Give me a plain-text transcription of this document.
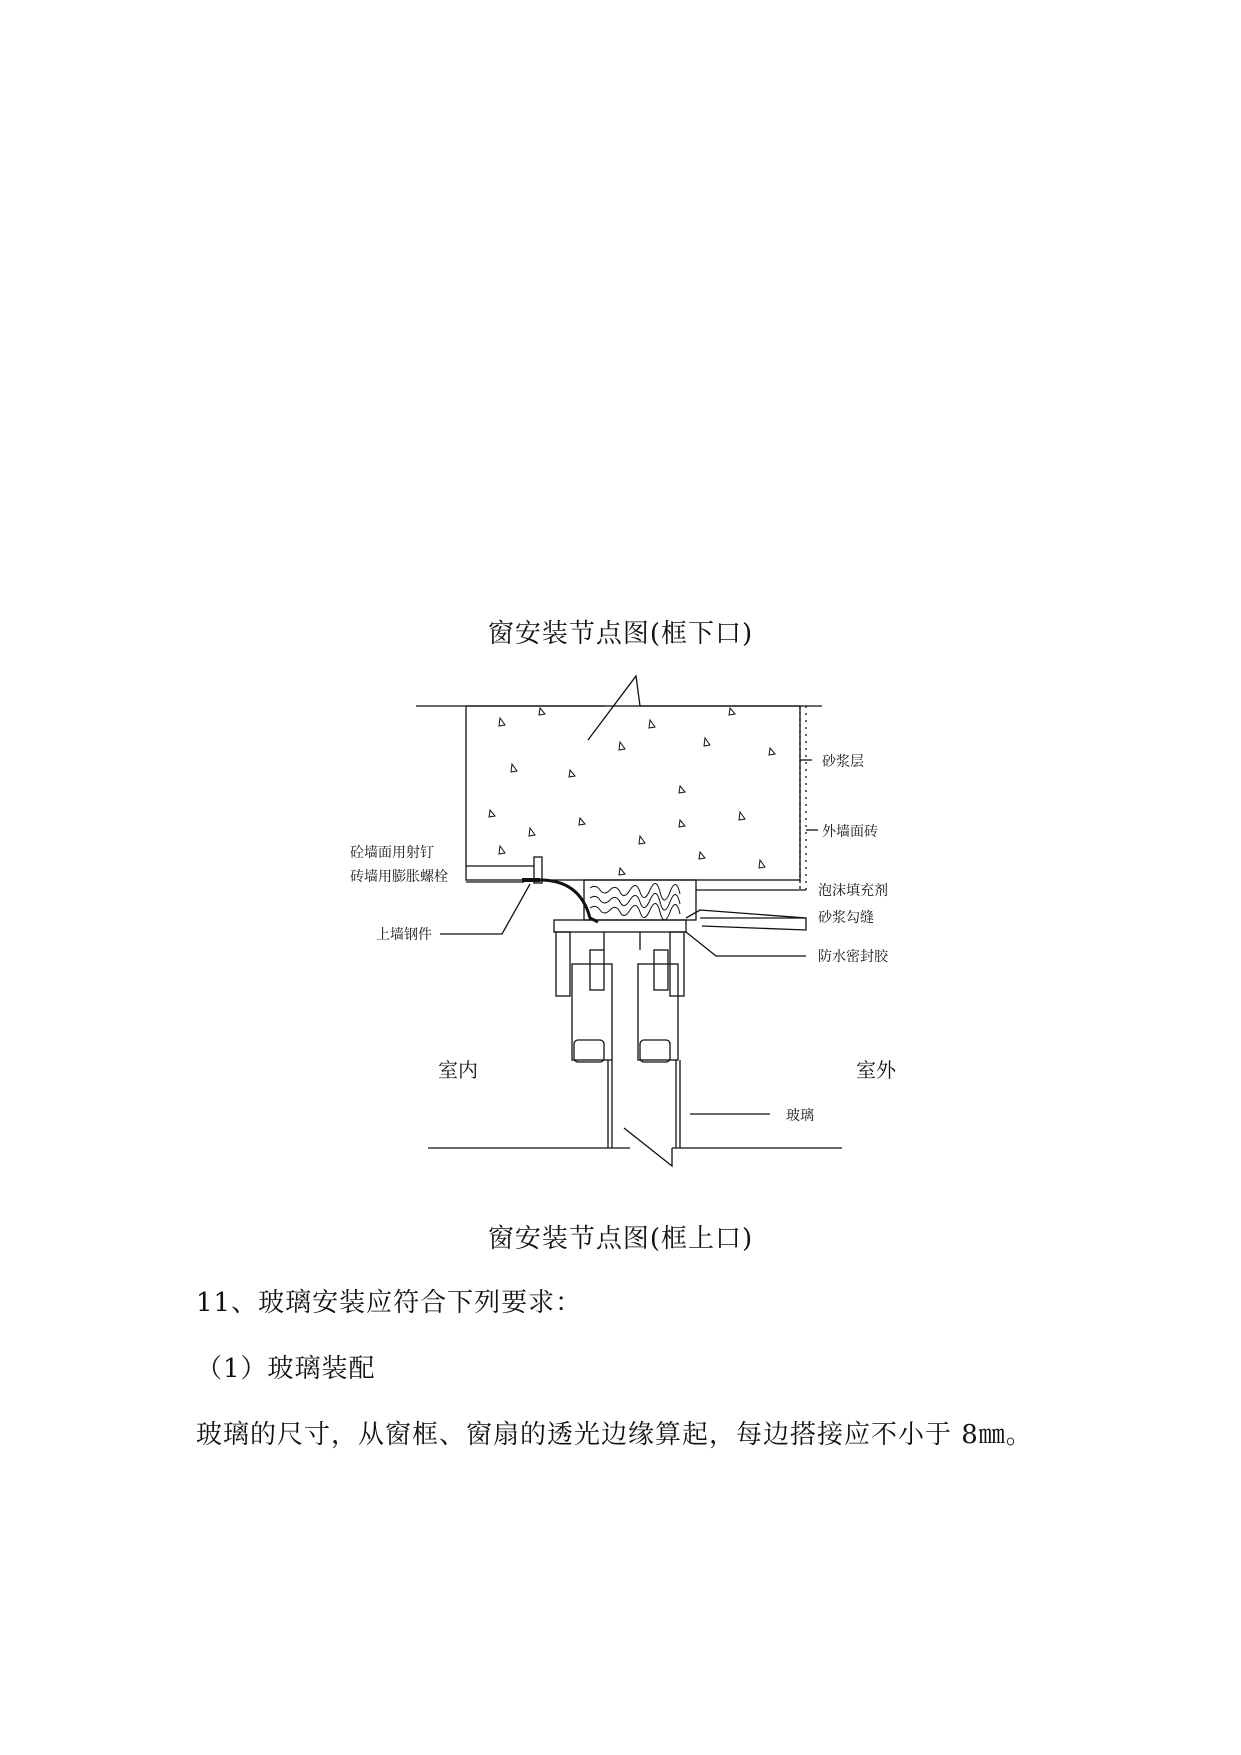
窗安装节点图(框下口)
砂浆层
外墙面砖
砼墙面用射钉
砖墙用膨胀螺栓
泡沫填充剂
砂浆勾缝
上墙钢件
防水密封胶
室内	室外
玻璃
窗安装节点图(框上口)
11、玻璃安装应符合下列要求：
（1）玻璃装配
玻璃的尺寸，从窗框、窗扇的透光边缘算起，每边搭接应不小于 8㎜。
